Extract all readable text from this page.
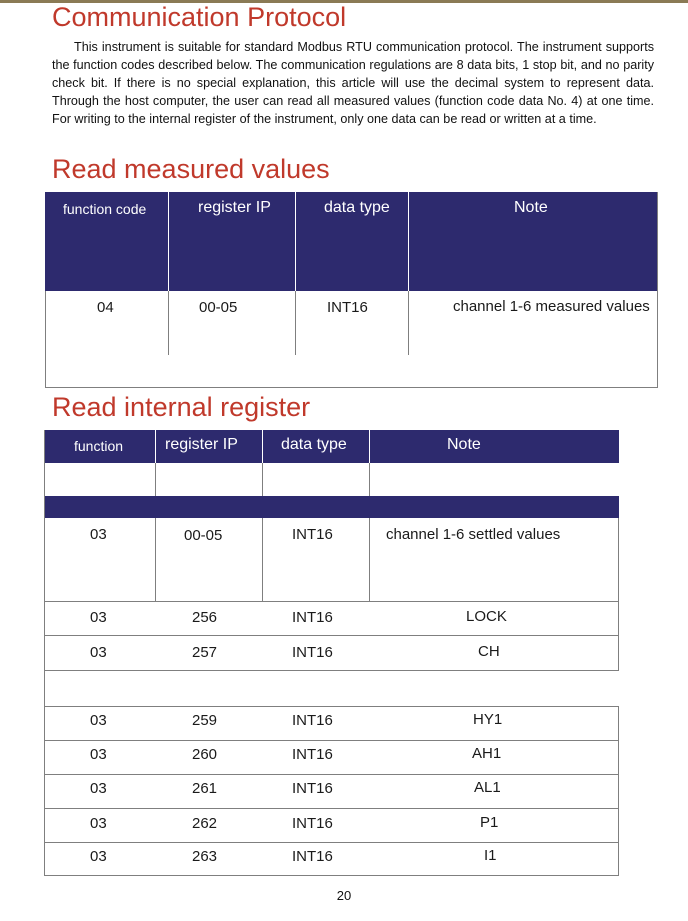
Communication Protocol

This instrument is suitable for standard Modbus RTU communication protocol. The instrument supports the function codes described below. The communication regulations are 8 data bits, 1 stop bit, and no parity check bit. If there is no special explanation, this article will use the decimal system to represent data. Through the host computer, the user can read all measured values (function code data No. 4) at one time. For writing to the internal register of the instrument, only one data can be read or written at a time.

Read measured values
function code	register IP	data type	Note
04	00-05	INT16	channel 1-6 measured values
Read internal register
function	register IP	data type	Note
03	00-05	INT16	channel 1-6 settled values
03	256	INT16	LOCK
03	257	INT16	CH
03	259	INT16	HY1
03	260	INT16	AH1
03	261	INT16	AL1
03	262	INT16	P1
03	263	INT16	I1
20
